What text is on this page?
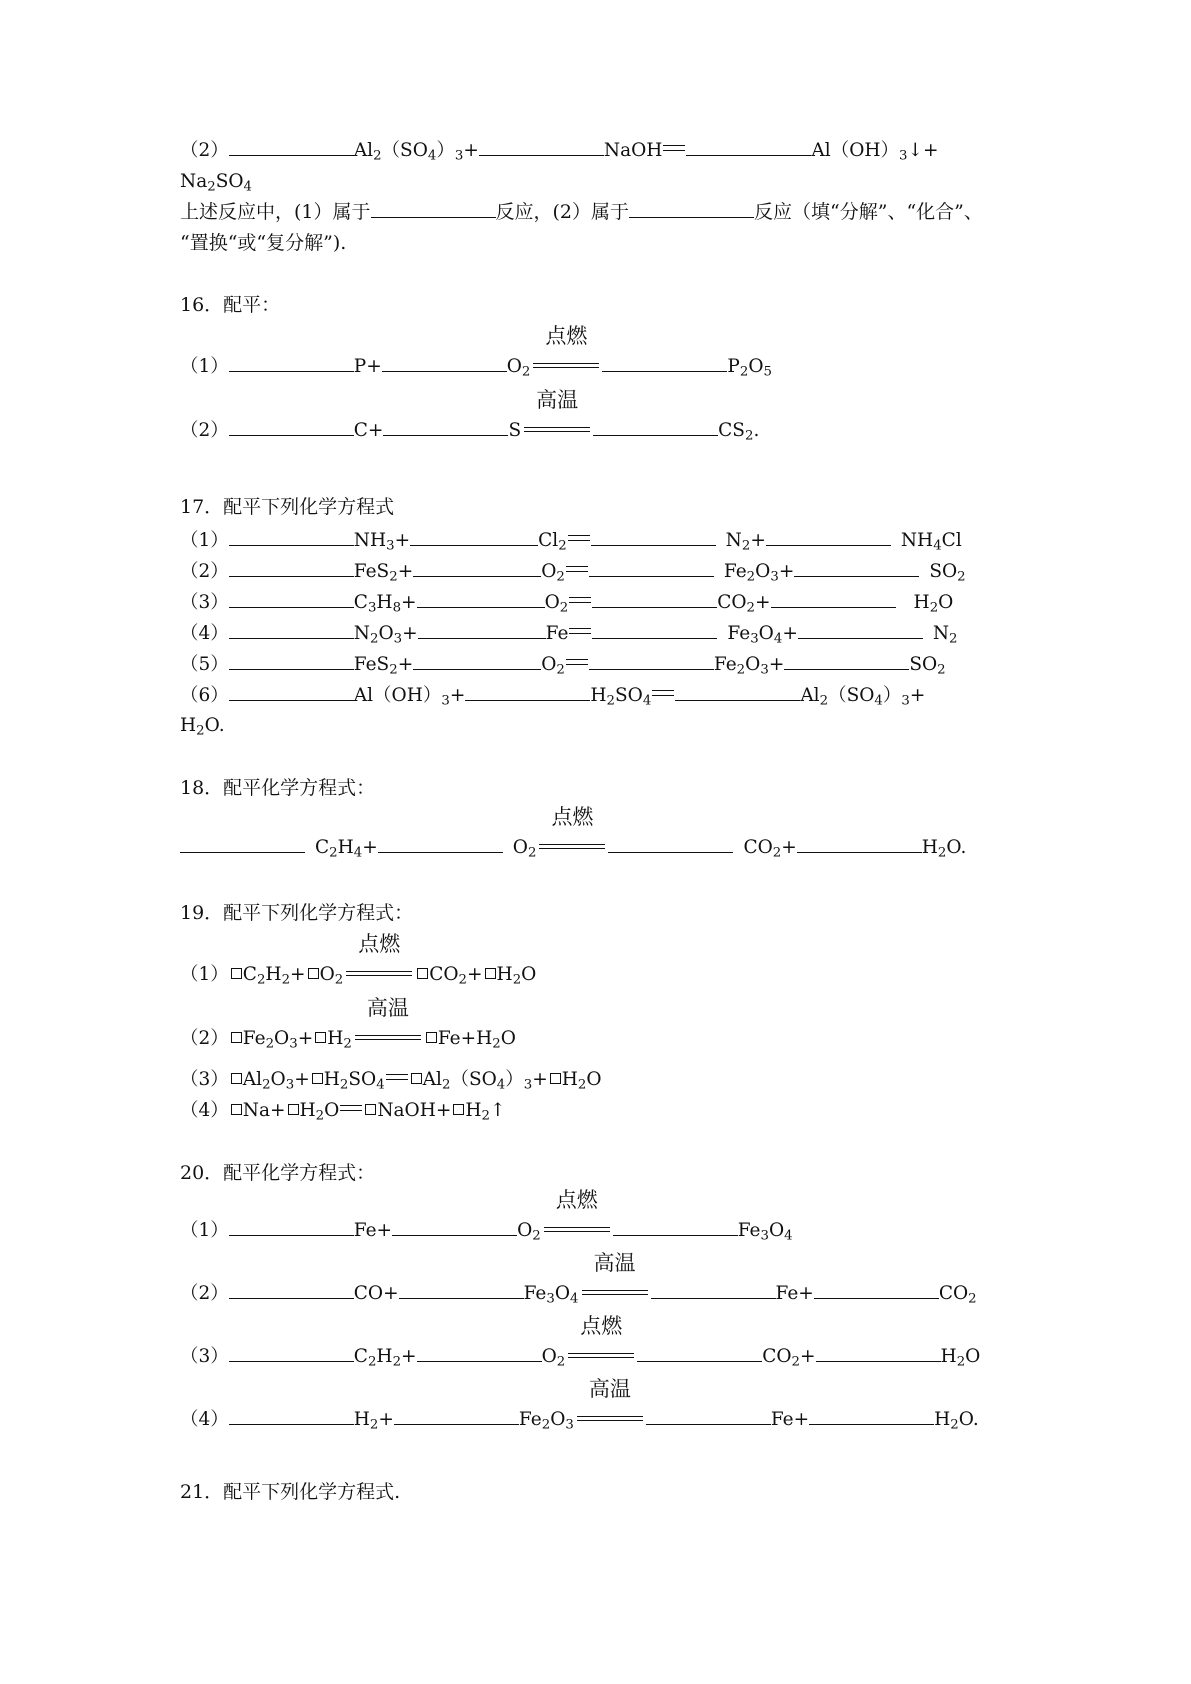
（2）	$Al_2(SO_4)_3+$	NaOH	$Al(OH)_3↓+$
$Na_2SO_4$
上述反应中，(1）属于	反应，(2）属于	反应（填“分解”、“化合”、
“置换“或“复分解”).
16．配平：
（1）	P+	$O_2$
点燃
$P_2O_5$
（2）	C+	S
高温
$CS_2$.
17．配平下列化学方程式
（1）	$NH_3+$	$Cl_2$	$N_2+$	$NH_4Cl$
（2）	FeS$_2$+	$O_2$	$Fe_2O_3+$	$SO_2$
（3）	$C_3H_8+$	$O_2$	$CO_2+$	$H_2O$
（4）	$N_2O_3+$	Fe	$Fe_3O_4+$	$N_2$
（5）	FeS$_2$+	$O_2$	$Fe_2O_3+$	$SO_2$
（6）	$Al(OH)_3+$	$H_2SO_4$	$Al_2(SO_4)_3+$
$H_2O$.
18．配平化学方程式：
$C_2H_4+$	$O_2$
点燃
$CO_2+$	$H_2O$.
19．配平下列化学方程式：
（1） $C_2H_2+ O_2$
点燃
$CO_2+ H_2O$
（2） $Fe_2O_3+ H_2$
高温
$Fe+H_2O$
（3） $Al_2O_3+ H_2SO_4$ $Al_2(SO_4)_3+ H_2O$
（4） $Na+ H_2O$ NaOH+ $H_2↑$
20．配平化学方程式：
（1）	Fe+	$O_2$
点燃
$Fe_3O_4$
（2）	CO+	$Fe_3O_4$
高温
Fe+	$CO_2$
（3）	$C_2H_2+$	$O_2$
点燃
$CO_2+$	$H_2O$
（4）	$H_2+$	$Fe_2O_3$
高温
Fe+	$H_2O$.
21．配平下列化学方程式.
